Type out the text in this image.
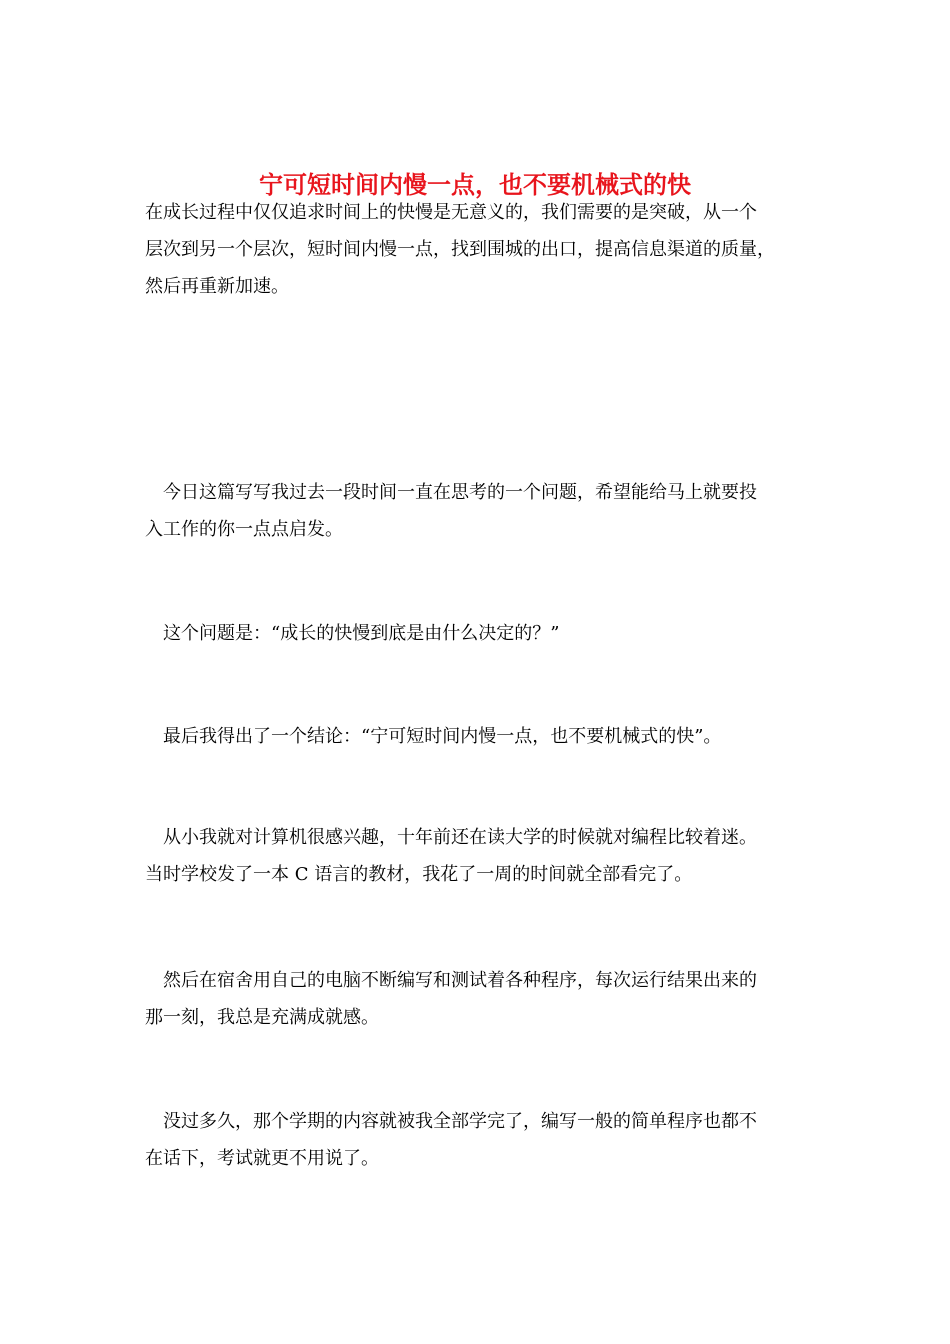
宁可短时间内慢一点，也不要机械式的快
在成长过程中仅仅追求时间上的快慢是无意义的，我们需要的是突破，从一个
层次到另一个层次，短时间内慢一点，找到围城的出口，提高信息渠道的质量，
然后再重新加速。
今日这篇写写我过去一段时间一直在思考的一个问题，希望能给马上就要投
入工作的你一点点启发。
这个问题是：“成长的快慢到底是由什么决定的？”
最后我得出了一个结论：“宁可短时间内慢一点，也不要机械式的快”。
从小我就对计算机很感兴趣，十年前还在读大学的时候就对编程比较着迷。
当时学校发了一本 C 语言的教材，我花了一周的时间就全部看完了。
然后在宿舍用自己的电脑不断编写和测试着各种程序，每次运行结果出来的
那一刻，我总是充满成就感。
没过多久，那个学期的内容就被我全部学完了，编写一般的简单程序也都不
在话下，考试就更不用说了。
